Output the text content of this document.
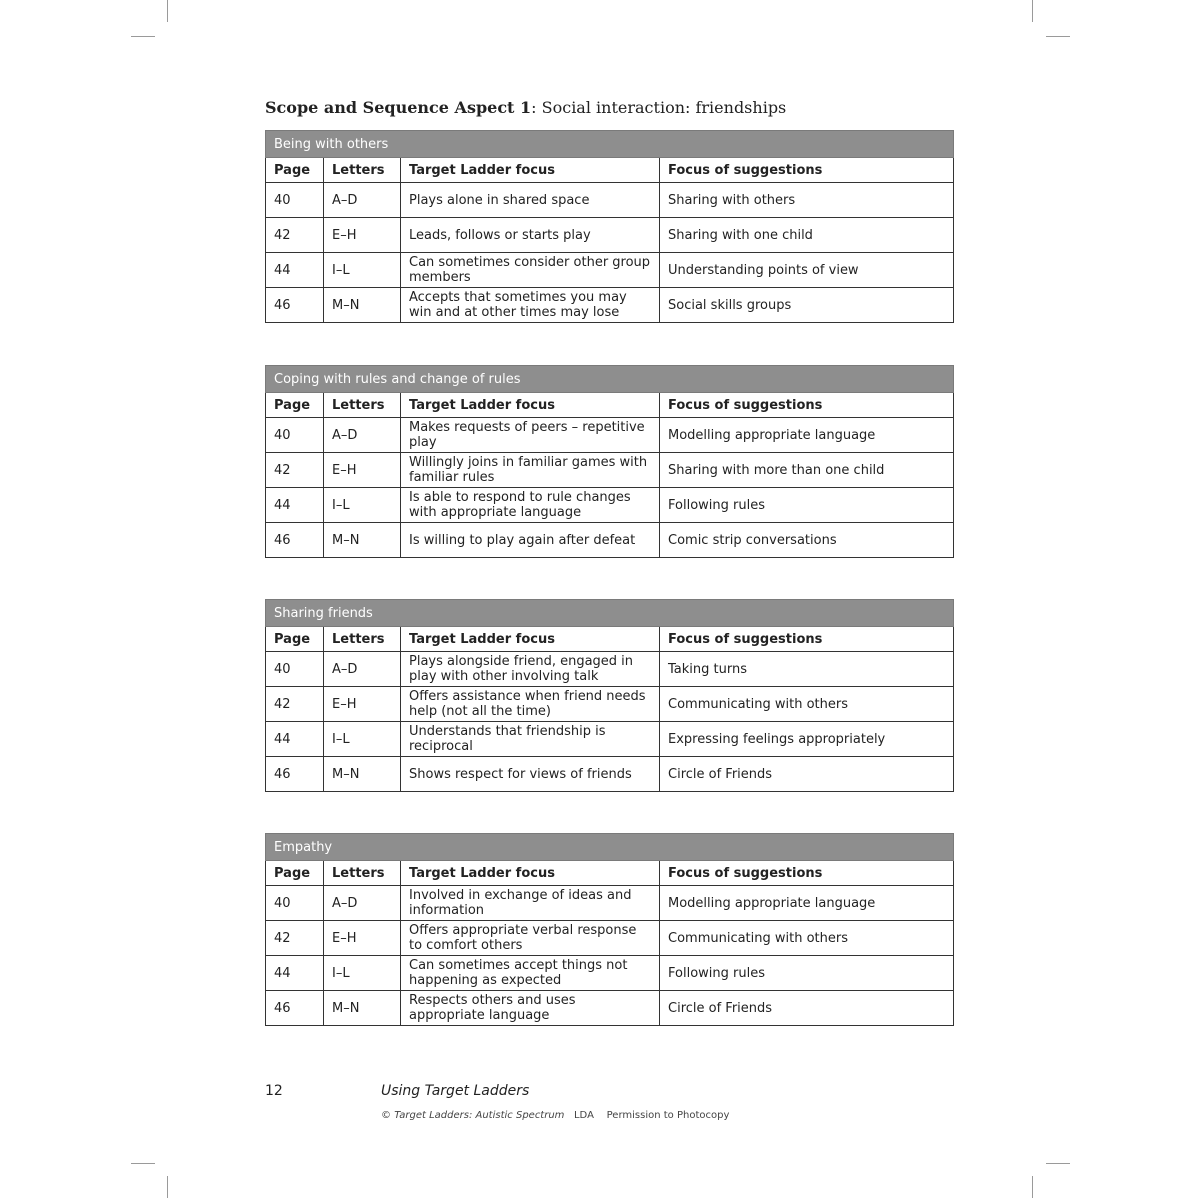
Scope and Sequence Aspect 1: Social interaction: friendships
Being with others			
Page	Letters	Target Ladder focus	Focus of suggestions
40	A–D	Plays alone in shared space	Sharing with others
42	E–H	Leads, follows or starts play	Sharing with one child
44	I–L	Can sometimes consider other group members	Understanding points of view
46	M–N	Accepts that sometimes you may win and at other times may lose	Social skills groups
Coping with rules and change of rules			
Page	Letters	Target Ladder focus	Focus of suggestions
40	A–D	Makes requests of peers – repetitive play	Modelling appropriate language
42	E–H	Willingly joins in familiar games with familiar rules	Sharing with more than one child
44	I–L	Is able to respond to rule changes with appropriate language	Following rules
46	M–N	Is willing to play again after defeat	Comic strip conversations
Sharing friends			
Page	Letters	Target Ladder focus	Focus of suggestions
40	A–D	Plays alongside friend, engaged in play with other involving talk	Taking turns
42	E–H	Offers assistance when friend needs help (not all the time)	Communicating with others
44	I–L	Understands that friendship is reciprocal	Expressing feelings appropriately
46	M–N	Shows respect for views of friends	Circle of Friends
Empathy			
Page	Letters	Target Ladder focus	Focus of suggestions
40	A–D	Involved in exchange of ideas and information	Modelling appropriate language
42	E–H	Offers appropriate verbal response to comfort others	Communicating with others
44	I–L	Can sometimes accept things not happening as expected	Following rules
46	M–N	Respects others and uses appropriate language	Circle of Friends
12	Using Target Ladders
© Target Ladders: Autistic Spectrum LDA Permission to Photocopy
